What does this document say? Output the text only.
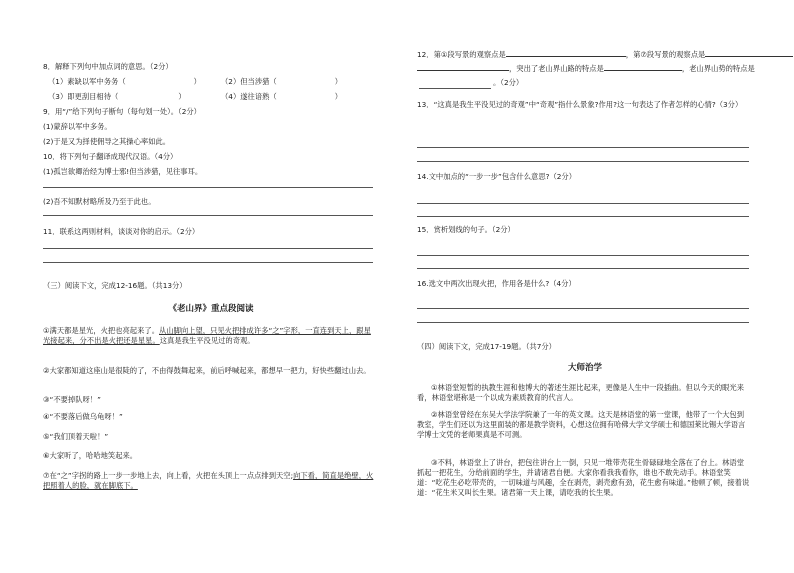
8．解释下列句中加点词的意思。（2分）
（1）素缺以军中务务（	）	（2）但当涉猎（	）
（3）即更刮目相待（	）	（4）遂往谙熟（	）
9．用“/”给下列句子断句（每句划一处）。（2分）
(1)蒙辞以军中多务。
(2)于是又为择使佣导之其操心率如此。
10．将下列句子翻译成现代汉语。（4分）
(1)孤岂欲卿治经为博士邪!但当涉猎，见往事耳。
(2)吾不知默材略所及乃至于此也。
11．联系这两则材料，谈谈对你的启示。（2分）
（三）阅读下文，完成12-16题。（共13分）
《老山界》重点段阅读
①满天都是星光，火把也亮起来了。从山脚向上望，只见火把排成许多“之”字形，一直连到天上，跟星光接起来，分不出是火把还是星星。这真是我生平没见过的奇观。
②大家都知道这座山是很陡的了，不由得鼓舞起来，前后呼喊起来，都想早一把力，好快些翻过山去。
③“不要掉队呀！”
④“不要落后做乌龟呀！”
⑤“我们顶着天啦！”
⑥大家听了，哈哈地笑起来。
⑦在“之”字拐的路上一步一步地上去，向上看，火把在头顶上一点点排到天空;向下看，简直是绝壁，火把照着人的脸，就在脚底下。
12．第①段写景的观察点是	，第⑦段写景的观察点是
，突出了老山界山路的特点是	，老山界山势的特点是
。（2分）
13．“这真是我生平没见过的奇观”中“奇观”指什么景象?作用?这一句表达了作者怎样的心情?（3分）
14.文中加点的“一步一步”包含什么意思?（2分）
15．赏析划线的句子。（2分）
16.选文中两次出现火把，作用各是什么?（4分）
（四）阅读下文，完成17-19题。（共7分）
大师治学
①林语堂短暂的执教生涯和他博大的著述生涯比起来，更像是人生中一段插曲。但以今天的眼光来看，林语堂堪称是一个以成为素质教育的代言人。
②林语堂曾经在东吴大学法学院兼了一年的英文课。这天是林语堂的第一堂课，他带了一个大包到教室，学生们还以为这里面装的都是教学资料，心想这位拥有哈佛大学文学硕士和德国莱比锡大学语言学博士文凭的老师果真是不可测。
③不料，林语堂上了讲台，把包往讲台上一倒，只见一堆带壳花生骨碌碌地全落在了台上。林语堂抓起一把花生，分给前面的学生，并请诸君自便。大家你看我我看你，谁也不敢先动手。林语堂笑道：“吃花生必吃带壳的，一切味道与风趣，全在剥壳，剥壳愈有劲，花生愈有味道。”他顿了顿，接着说道：“花生米又叫长生果。诸君第一天上课，请吃我的长生果。
